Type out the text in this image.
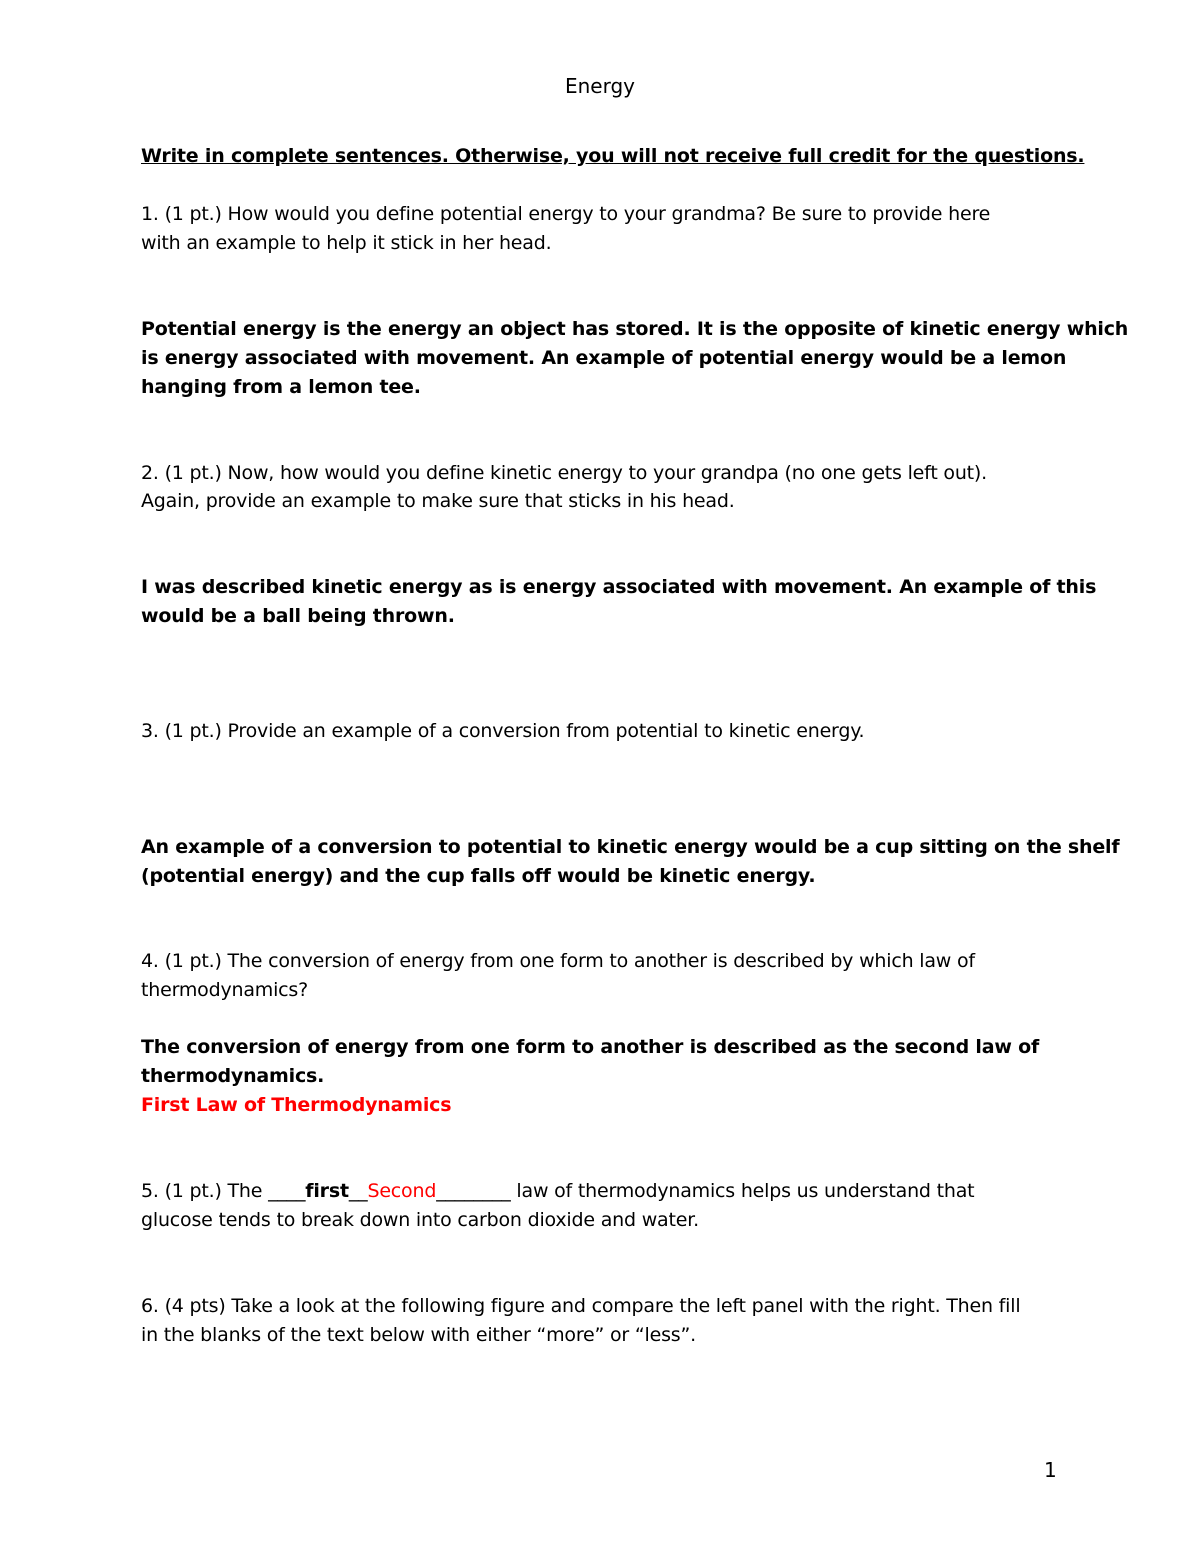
Energy
Write in complete sentences. Otherwise, you will not receive full credit for the questions.
1. (1 pt.) How would you define potential energy to your grandma? Be sure to provide here
with an example to help it stick in her head.
Potential energy is the energy an object has stored. It is the opposite of kinetic energy which
is energy associated with movement. An example of potential energy would be a lemon
hanging from a lemon tee.
2. (1 pt.) Now, how would you define kinetic energy to your grandpa (no one gets left out).
Again, provide an example to make sure that sticks in his head.
I was described kinetic energy as is energy associated with movement. An example of this
would be a ball being thrown.
3. (1 pt.) Provide an example of a conversion from potential to kinetic energy.
An example of a conversion to potential to kinetic energy would be a cup sitting on the shelf
(potential energy) and the cup falls off would be kinetic energy.
4. (1 pt.) The conversion of energy from one form to another is described by which law of
thermodynamics?
The conversion of energy from one form to another is described as the second law of
thermodynamics.
First Law of Thermodynamics
5. (1 pt.) The ____first__Second________ law of thermodynamics helps us understand that
glucose tends to break down into carbon dioxide and water.
6. (4 pts) Take a look at the following figure and compare the left panel with the right. Then fill
in the blanks of the text below with either “more” or “less”.
1
